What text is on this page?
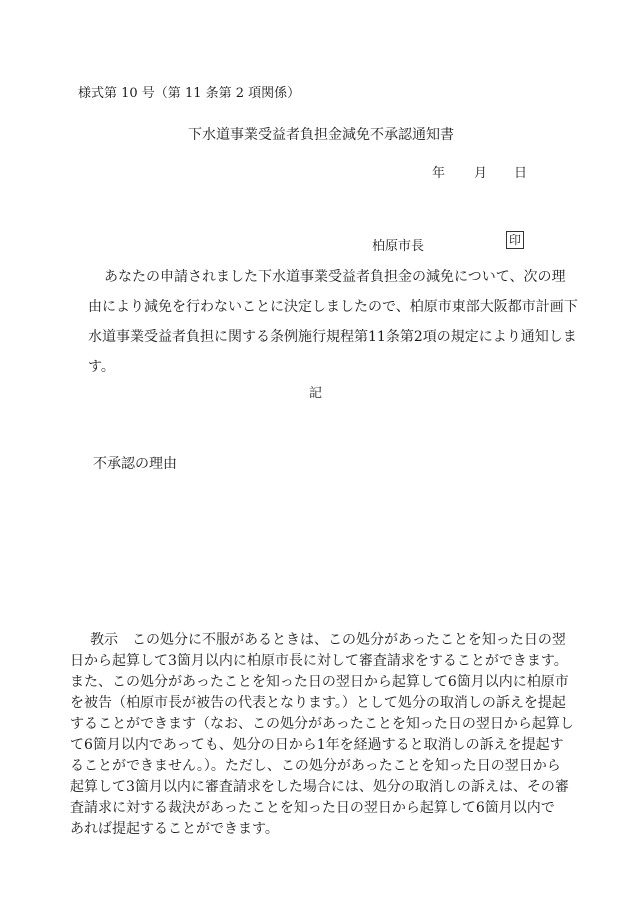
様式第 10 号（第 11 条第 2 項関係）
下水道事業受益者負担金減免不承認通知書
年 月 日
柏原市長	印
あなたの申請されました下水道事業受益者負担金の減免について、次の理
由により減免を行わないことに決定しましたので、柏原市東部大阪都市計画下
水道事業受益者負担に関する条例施行規程第11条第2項の規定により通知しま
す。
記
不承認の理由
教示　この処分に不服があるときは、この処分があったことを知った日の翌
日から起算して3箇月以内に柏原市長に対して審査請求をすることができます。
また、この処分があったことを知った日の翌日から起算して6箇月以内に柏原市
を被告（柏原市長が被告の代表となります。）として処分の取消しの訴えを提起
することができます（なお、この処分があったことを知った日の翌日から起算し
て6箇月以内であっても、処分の日から1年を経過すると取消しの訴えを提起す
ることができません。）。ただし、この処分があったことを知った日の翌日から
起算して3箇月以内に審査請求をした場合には、処分の取消しの訴えは、その審
査請求に対する裁決があったことを知った日の翌日から起算して6箇月以内で
あれば提起することができます。
